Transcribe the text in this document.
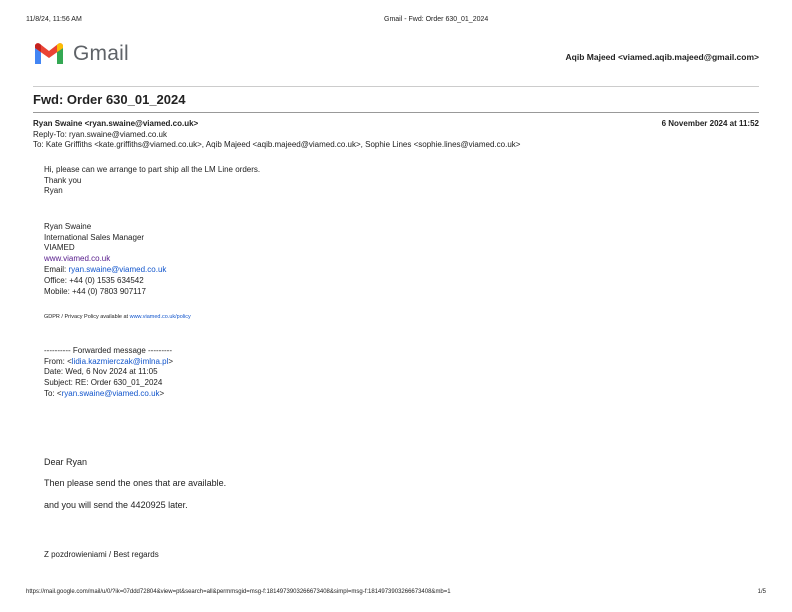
11/8/24, 11:56 AM	Gmail - Fwd: Order 630_01_2024
Gmail	Aqib Majeed <viamed.aqib.majeed@gmail.com>
Fwd: Order 630_01_2024
Ryan Swaine <ryan.swaine@viamed.co.uk>	6 November 2024 at 11:52
Reply-To: ryan.swaine@viamed.co.uk
To: Kate Griffiths <kate.griffiths@viamed.co.uk>, Aqib Majeed <aqib.majeed@viamed.co.uk>, Sophie Lines <sophie.lines@viamed.co.uk>
Hi, please can we arrange to part ship all the LM Line orders.
Thank you
Ryan
Ryan Swaine
International Sales Manager
VIAMED
www.viamed.co.uk
Email: ryan.swaine@viamed.co.uk
Office: +44 (0) 1535 634542
Mobile: +44 (0) 7803 907117
GDPR / Privacy Policy available at www.viamed.co.uk/policy
---------- Forwarded message ---------
From: <lidia.kazmierczak@imlna.pl>
Date: Wed, 6 Nov 2024 at 11:05
Subject: RE: Order 630_01_2024
To: <ryan.swaine@viamed.co.uk>
Dear Ryan
Then please send the ones that are available.
and you will send the 4420925 later.
Z pozdrowieniami / Best regards
https://mail.google.com/mail/u/0/?ik=07ddd72804&view=pt&search=all&permmsgid=msg-f:1814973903266673408&simpl=msg-f:1814973903266673408&mb=1	1/5
